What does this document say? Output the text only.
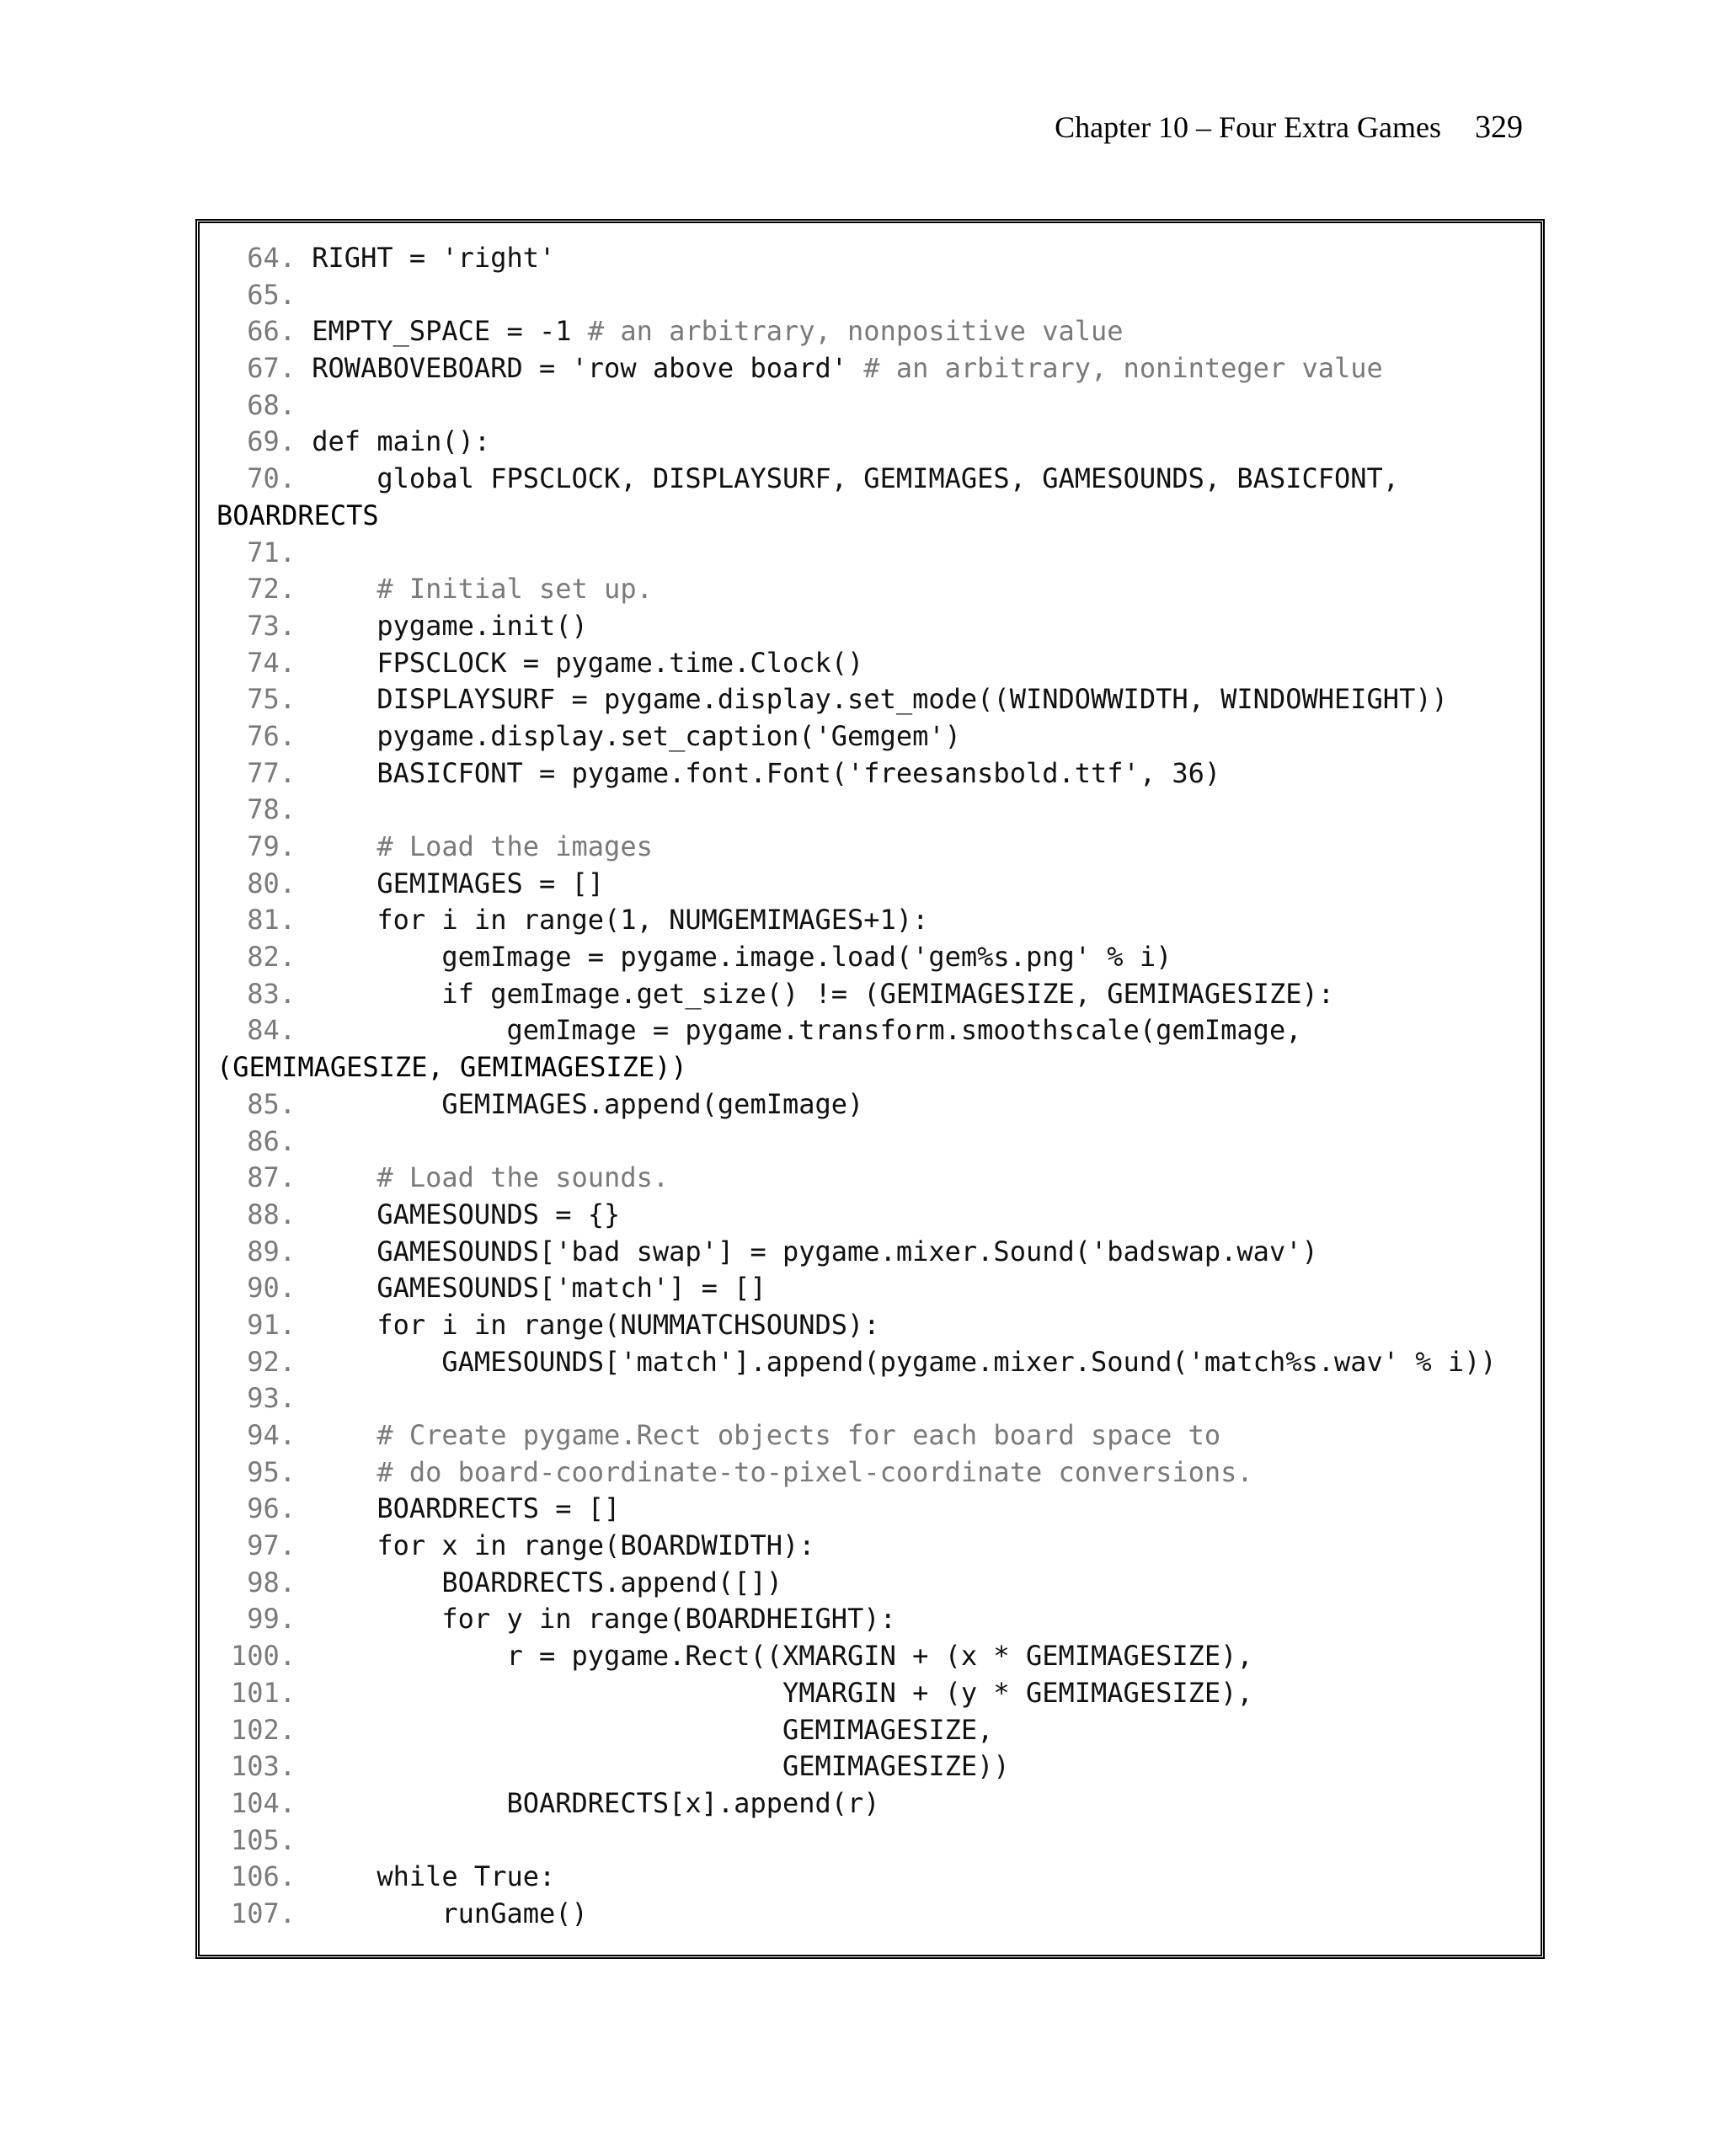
Chapter 10 – Four Extra Games 329
64. RIGHT = 'right'
65.
66. EMPTY_SPACE = -1 # an arbitrary, nonpositive value
67. ROWABOVEBOARD = 'row above board' # an arbitrary, noninteger value
68.
69. def main():
70.     global FPSCLOCK, DISPLAYSURF, GEMIMAGES, GAMESOUNDS, BASICFONT,
BOARDRECTS
71.
72.	# Initial set up.
73.     pygame.init()
74.     FPSCLOCK = pygame.time.Clock()
75.     DISPLAYSURF = pygame.display.set_mode((WINDOWWIDTH, WINDOWHEIGHT))
76.     pygame.display.set_caption('Gemgem')
77.     BASICFONT = pygame.font.Font('freesansbold.ttf', 36)
78.
79.	# Load the images
80.     GEMIMAGES = []
81.     for i in range(1, NUMGEMIMAGES+1):
82.         gemImage = pygame.image.load('gem%s.png' % i)
83.         if gemImage.get_size() != (GEMIMAGESIZE, GEMIMAGESIZE):
84.             gemImage = pygame.transform.smoothscale(gemImage,
(GEMIMAGESIZE, GEMIMAGESIZE))
85.         GEMIMAGES.append(gemImage)
86.
87.	# Load the sounds.
88.     GAMESOUNDS = {}
89.     GAMESOUNDS['bad swap'] = pygame.mixer.Sound('badswap.wav')
90.     GAMESOUNDS['match'] = []
91.     for i in range(NUMMATCHSOUNDS):
92.         GAMESOUNDS['match'].append(pygame.mixer.Sound('match%s.wav' % i))
93.
94.	# Create pygame.Rect objects for each board space to
95.	# do board-coordinate-to-pixel-coordinate conversions.
96.     BOARDRECTS = []
97.     for x in range(BOARDWIDTH):
98.         BOARDRECTS.append([])
99.         for y in range(BOARDHEIGHT):
100.             r = pygame.Rect((XMARGIN + (x * GEMIMAGESIZE),
101.                              YMARGIN + (y * GEMIMAGESIZE),
102.                              GEMIMAGESIZE,
103.                              GEMIMAGESIZE))
104.             BOARDRECTS[x].append(r)
105.
106.     while True:
107.         runGame()
